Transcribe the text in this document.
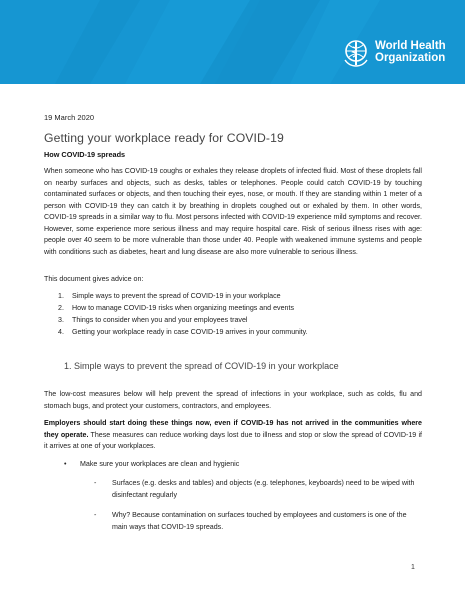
World Health
Organization
19 March 2020
Getting your workplace ready for COVID-19
How COVID-19 spreads
When someone who has COVID-19 coughs or exhales they release droplets of infected fluid. Most of these droplets fall on nearby surfaces and objects, such as desks, tables or telephones. People could catch COVID-19 by touching contaminated surfaces or objects, and then touching their eyes, nose, or mouth. If they are standing within 1 meter of a person with COVID-19 they can catch it by breathing in droplets coughed out or exhaled by them. In other words, COVID-19 spreads in a similar way to flu. Most persons infected with COVID-19 experience mild symptoms and recover. However, some experience more serious illness and may require hospital care. Risk of serious illness rises with age: people over 40 seem to be more vulnerable than those under 40. People with weakened immune systems and people with conditions such as diabetes, heart and lung disease are also more vulnerable to serious illness.
This document gives advice on:
1.	Simple ways to prevent the spread of COVID-19 in your workplace
2.	How to manage COVID-19 risks when organizing meetings and events
3.	Things to consider when you and your employees travel
4.	Getting your workplace ready in case COVID-19 arrives in your community.
1. Simple ways to prevent the spread of COVID-19 in your workplace
The low-cost measures below will help prevent the spread of infections in your workplace, such as colds, flu and stomach bugs, and protect your customers, contractors, and employees.
Employers should start doing these things now, even if COVID-19 has not arrived in the communities where they operate. These measures can reduce working days lost due to illness and stop or slow the spread of COVID-19 if it arrives at one of your workplaces.
•	Make sure your workplaces are clean and hygienic
-	Surfaces (e.g. desks and tables) and objects (e.g. telephones, keyboards) need to be wiped with disinfectant regularly
-	Why? Because contamination on surfaces touched by employees and customers is one of the main ways that COVID-19 spreads.
1
